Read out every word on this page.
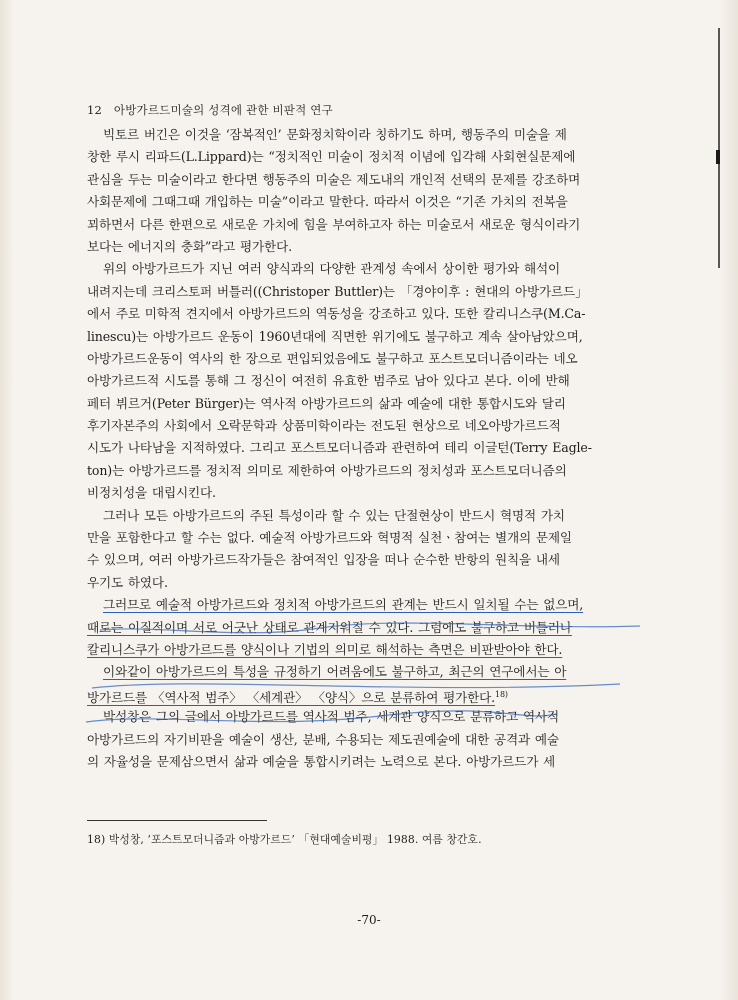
12 아방가르드미술의 성격에 관한 비판적 연구

빅토르 버긴은 이것을 ‘잠복적인’ 문화정치학이라 칭하기도 하며, 행동주의 미술을 제
창한 루시 리파드(L.Lippard)는 “정치적인 미술이 정치적 이념에 입각해 사회현실문제에
관심을 두는 미술이라고 한다면 행동주의 미술은 제도내의 개인적 선택의 문제를 강조하며
사회문제에 그때그때 개입하는 미술”이라고 말한다. 따라서 이것은 “기존 가치의 전복을
꾀하면서 다른 한편으로 새로운 가치에 힘을 부여하고자 하는 미술로서 새로운 형식이라기
보다는 에너지의 충화”라고 평가한다.

위의 아방가르드가 지닌 여러 양식과의 다양한 관계성 속에서 상이한 평가와 해석이
내려지는데 크리스토퍼 버틀러((Christoper Buttler)는 「경야이후 : 현대의 아방가르드」
에서 주로 미학적 견지에서 아방가르드의 역동성을 강조하고 있다. 또한 칼리니스쿠(M.Ca-
linescu)는 아방가르드 운동이 1960년대에 직면한 위기에도 불구하고 계속 살아남았으며,
아방가르드운동이 역사의 한 장으로 편입되었음에도 불구하고 포스트모더니즘이라는 네오
아방가르드적 시도를 통해 그 정신이 여전히 유효한 범주로 남아 있다고 본다. 이에 반해
페터 뷔르거(Peter Bürger)는 역사적 아방가르드의 삶과 예술에 대한 통합시도와 달리
후기자본주의 사회에서 오락문학과 상품미학이라는 전도된 현상으로 네오아방가르드적
시도가 나타남을 지적하였다. 그리고 포스트모더니즘과 관련하여 테리 이글턴(Terry Eagle-
ton)는 아방가르드를 정치적 의미로 제한하여 아방가르드의 정치성과 포스트모더니즘의
비정치성을 대립시킨다.

그러나 모든 아방가르드의 주된 특성이라 할 수 있는 단절현상이 반드시 혁명적 가치
만을 포함한다고 할 수는 없다. 예술적 아방가르드와 혁명적 실천ㆍ참여는 별개의 문제일
수 있으며, 여러 아방가르드작가들은 참여적인 입장을 떠나 순수한 반항의 원칙을 내세
우기도 하였다.

그러므로 예술적 아방가르드와 정치적 아방가르드의 관계는 반드시 일치될 수는 없으며,
때로는 이질적이며 서로 어긋난 상태로 관계지워질 수 있다. 그럼에도 불구하고 버틀러나
칼리니스쿠가 아방가르드를 양식이나 기법의 의미로 해석하는 측면은 비판받아야 한다.
이와같이 아방가르드의 특성을 규정하기 어려움에도 불구하고, 최근의 연구에서는 아
방가르드를 〈역사적 범주〉 〈세계관〉 〈양식〉으로 분류하여 평가한다.$^{18)}$

박성창은 그의 글에서 아방가르드를 역사적 범주, 세계관 양식으로 분류하고 역사적
아방가르드의 자기비판을 예술이 생산, 분배, 수용되는 제도권예술에 대한 공격과 예술
의 자율성을 문제삼으면서 삶과 예술을 통합시키려는 노력으로 본다. 아방가르드가 세

18) 박성창, ‘포스트모더니즘과 아방가르드’ 「현대예술비평」 1988. 여름 창간호.
-70-
